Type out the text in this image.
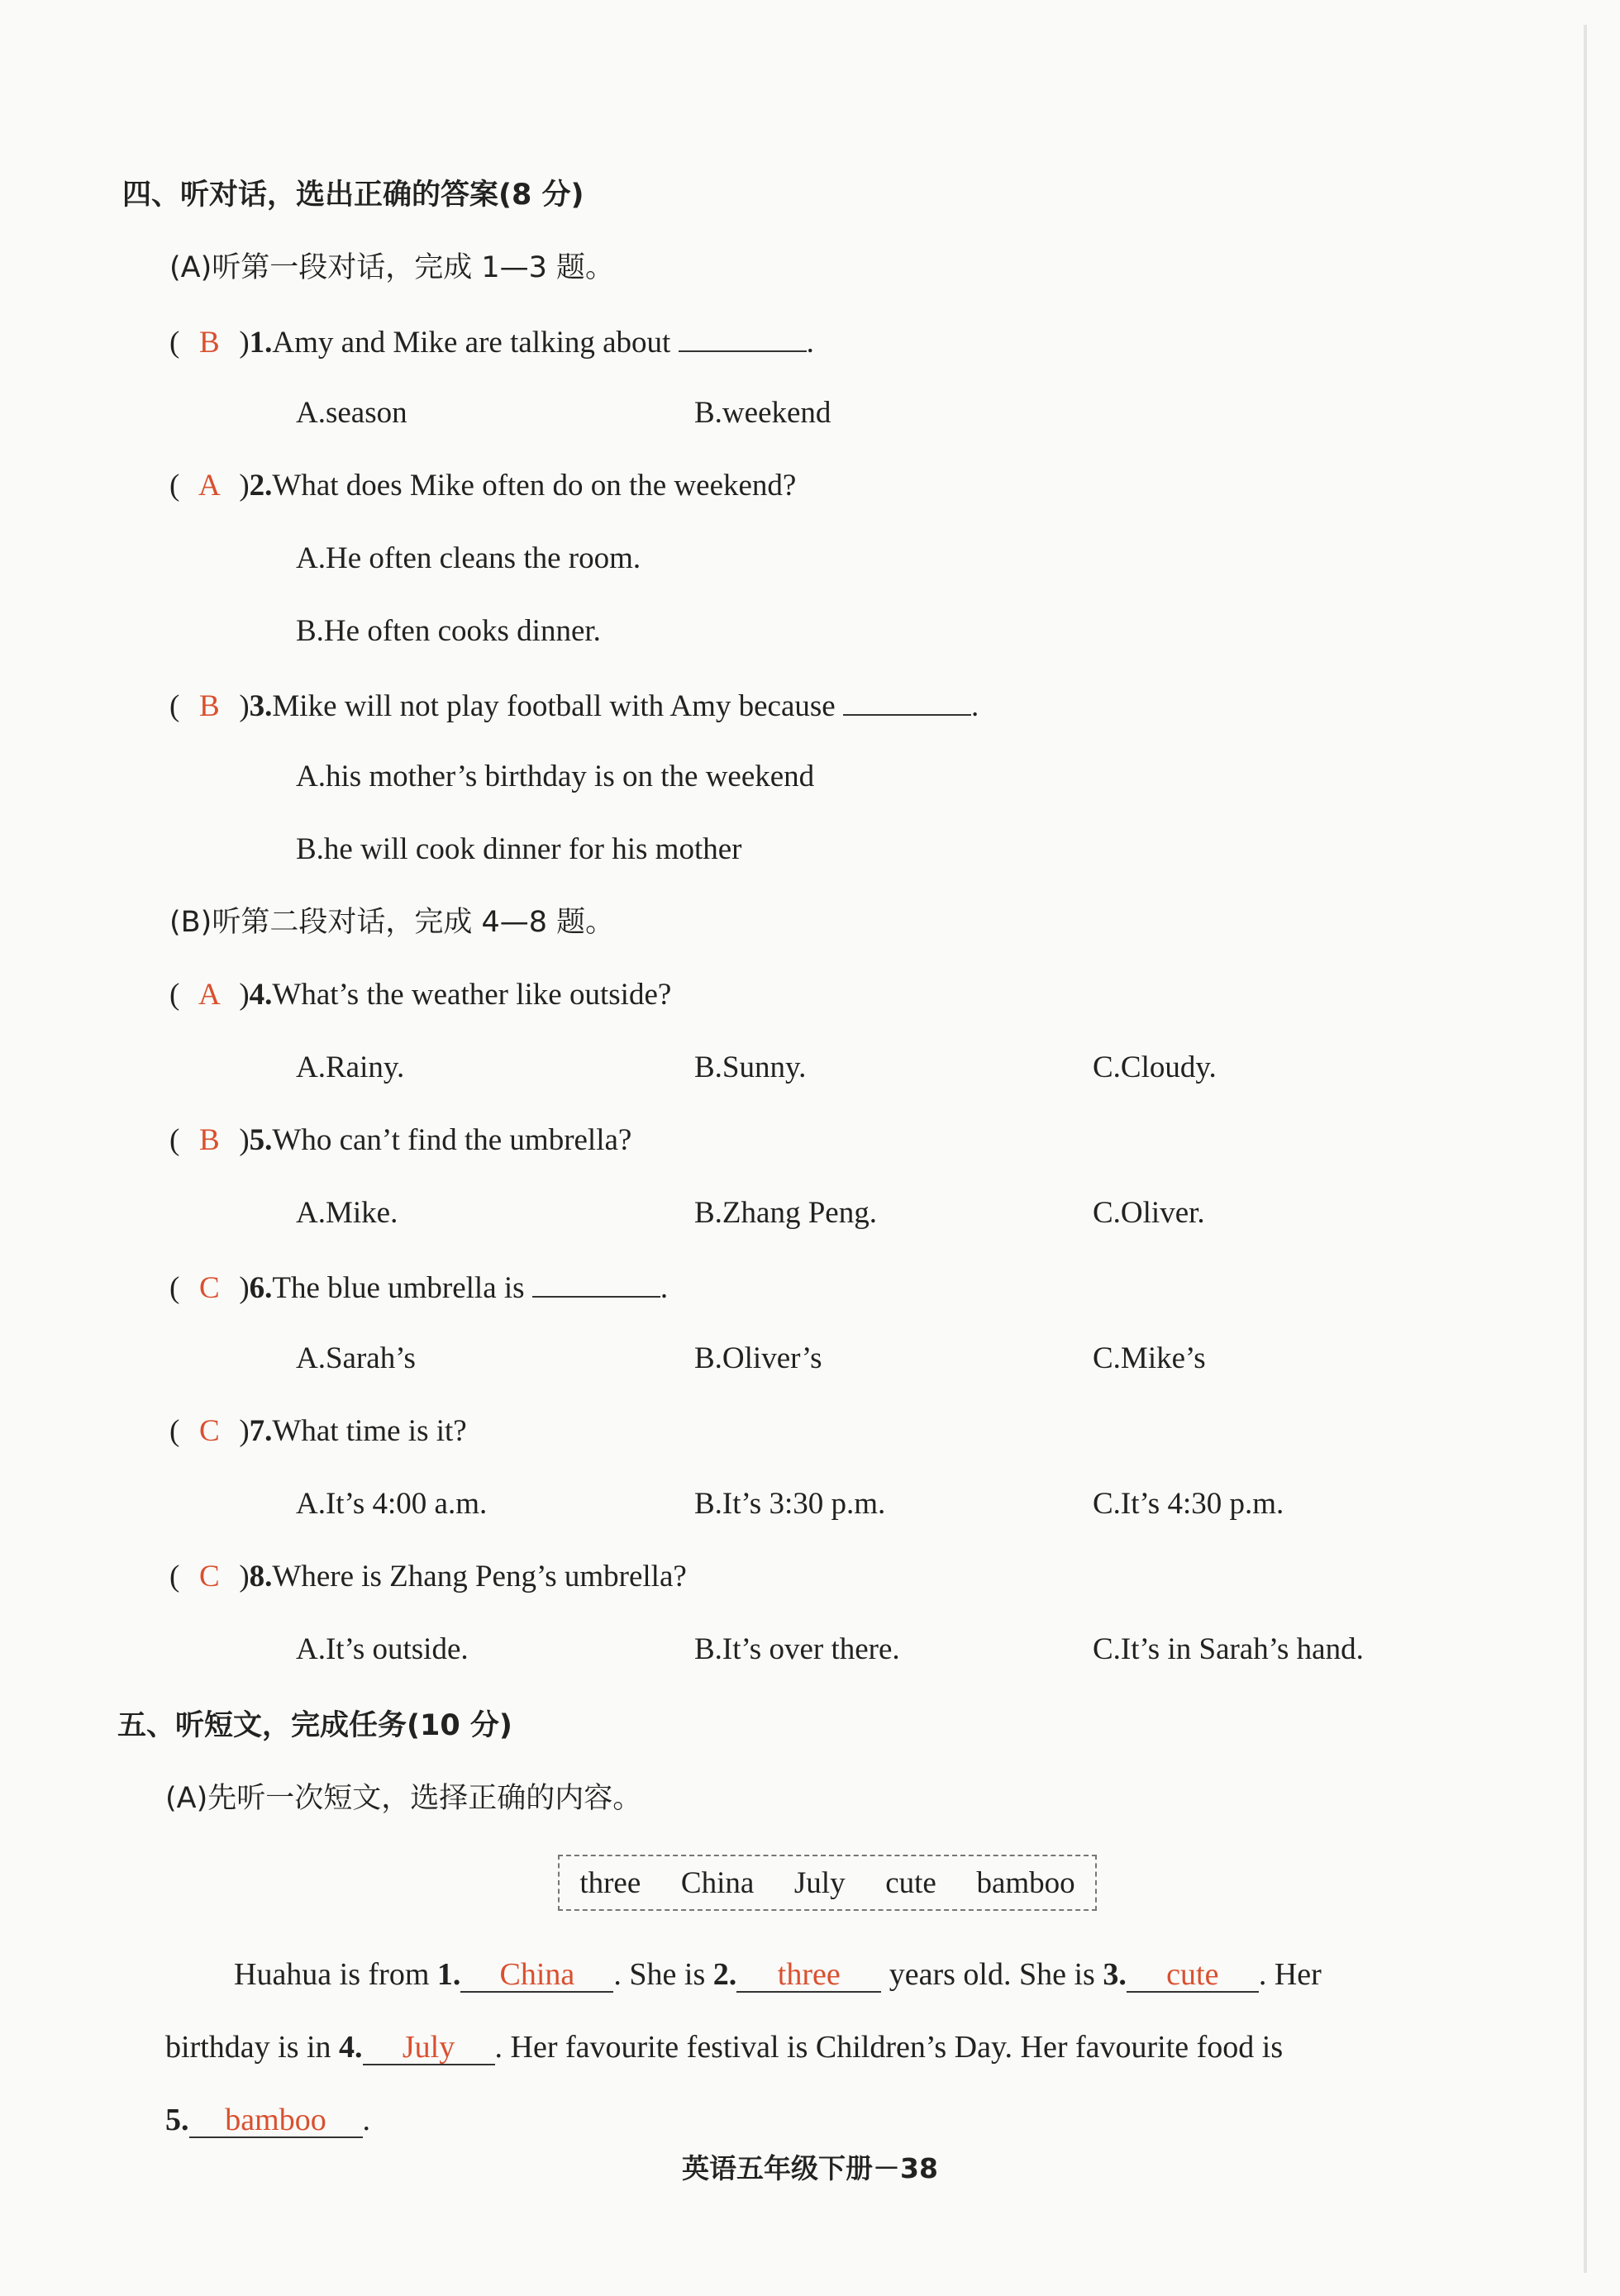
四、听对话，选出正确的答案(8 分)
(A)听第一段对话，完成 1—3 题。
( B )1.Amy and Mike are talking about	.
A.season	B.weekend
( A )2.What does Mike often do on the weekend?
A.He often cleans the room.
B.He often cooks dinner.
( B )3.Mike will not play football with Amy because	.
A.his mother’s birthday is on the weekend
B.he will cook dinner for his mother
(B)听第二段对话，完成 4—8 题。
( A )4.What’s the weather like outside?
A.Rainy.	B.Sunny.	C.Cloudy.
( B )5.Who can’t find the umbrella?
A.Mike.	B.Zhang Peng.	C.Oliver.
( C )6.The blue umbrella is	.
A.Sarah’s	B.Oliver’s	C.Mike’s
( C )7.What time is it?
A.It’s 4:00 a.m.	B.It’s 3:30 p.m.	C.It’s 4:30 p.m.
( C )8.Where is Zhang Peng’s umbrella?
A.It’s outside.	B.It’s over there.	C.It’s in Sarah’s hand.
五、听短文，完成任务(10 分)
(A)先听一次短文，选择正确的内容。
three China July cute bamboo
Huahua is from 1. China . She is 2. three years old. She is 3. cute . Her
birthday is in 4. July . Her favourite festival is Children’s Day. Her favourite food is
5. bamboo .
英语五年级下册－38
